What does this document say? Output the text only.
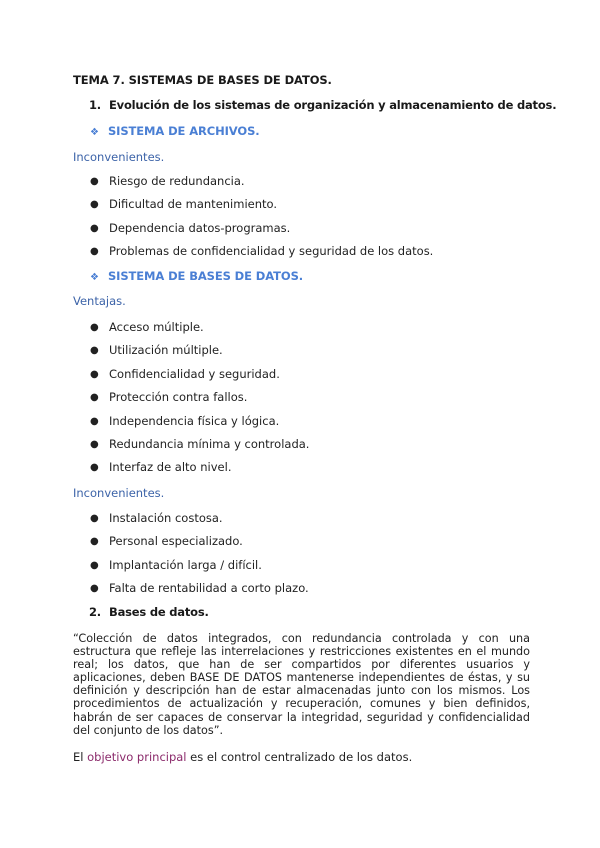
TEMA 7. SISTEMAS DE BASES DE DATOS.
1. Evolución de los sistemas de organización y almacenamiento de datos.
❖ SISTEMA DE ARCHIVOS.
Inconvenientes.
● Riesgo de redundancia.
● Dificultad de mantenimiento.
● Dependencia datos-programas.
● Problemas de confidencialidad y seguridad de los datos.
❖ SISTEMA DE BASES DE DATOS.
Ventajas.
● Acceso múltiple.
● Utilización múltiple.
● Confidencialidad y seguridad.
● Protección contra fallos.
● Independencia física y lógica.
● Redundancia mínima y controlada.
● Interfaz de alto nivel.
Inconvenientes.
● Instalación costosa.
● Personal especializado.
● Implantación larga / difícil.
● Falta de rentabilidad a corto plazo.
2. Bases de datos.

“Colección de datos integrados, con redundancia controlada y con una estructura que refleje las interrelaciones y restricciones existentes en el mundo real; los datos, que han de ser compartidos por diferentes usuarios y aplicaciones, deben BASE DE DATOS mantenerse independientes de éstas, y su definición y descripción han de estar almacenadas junto con los mismos. Los procedimientos de actualización y recuperación, comunes y bien definidos, habrán de ser capaces de conservar la integridad, seguridad y confidencialidad del conjunto de los datos”.

El objetivo principal es el control centralizado de los datos.
